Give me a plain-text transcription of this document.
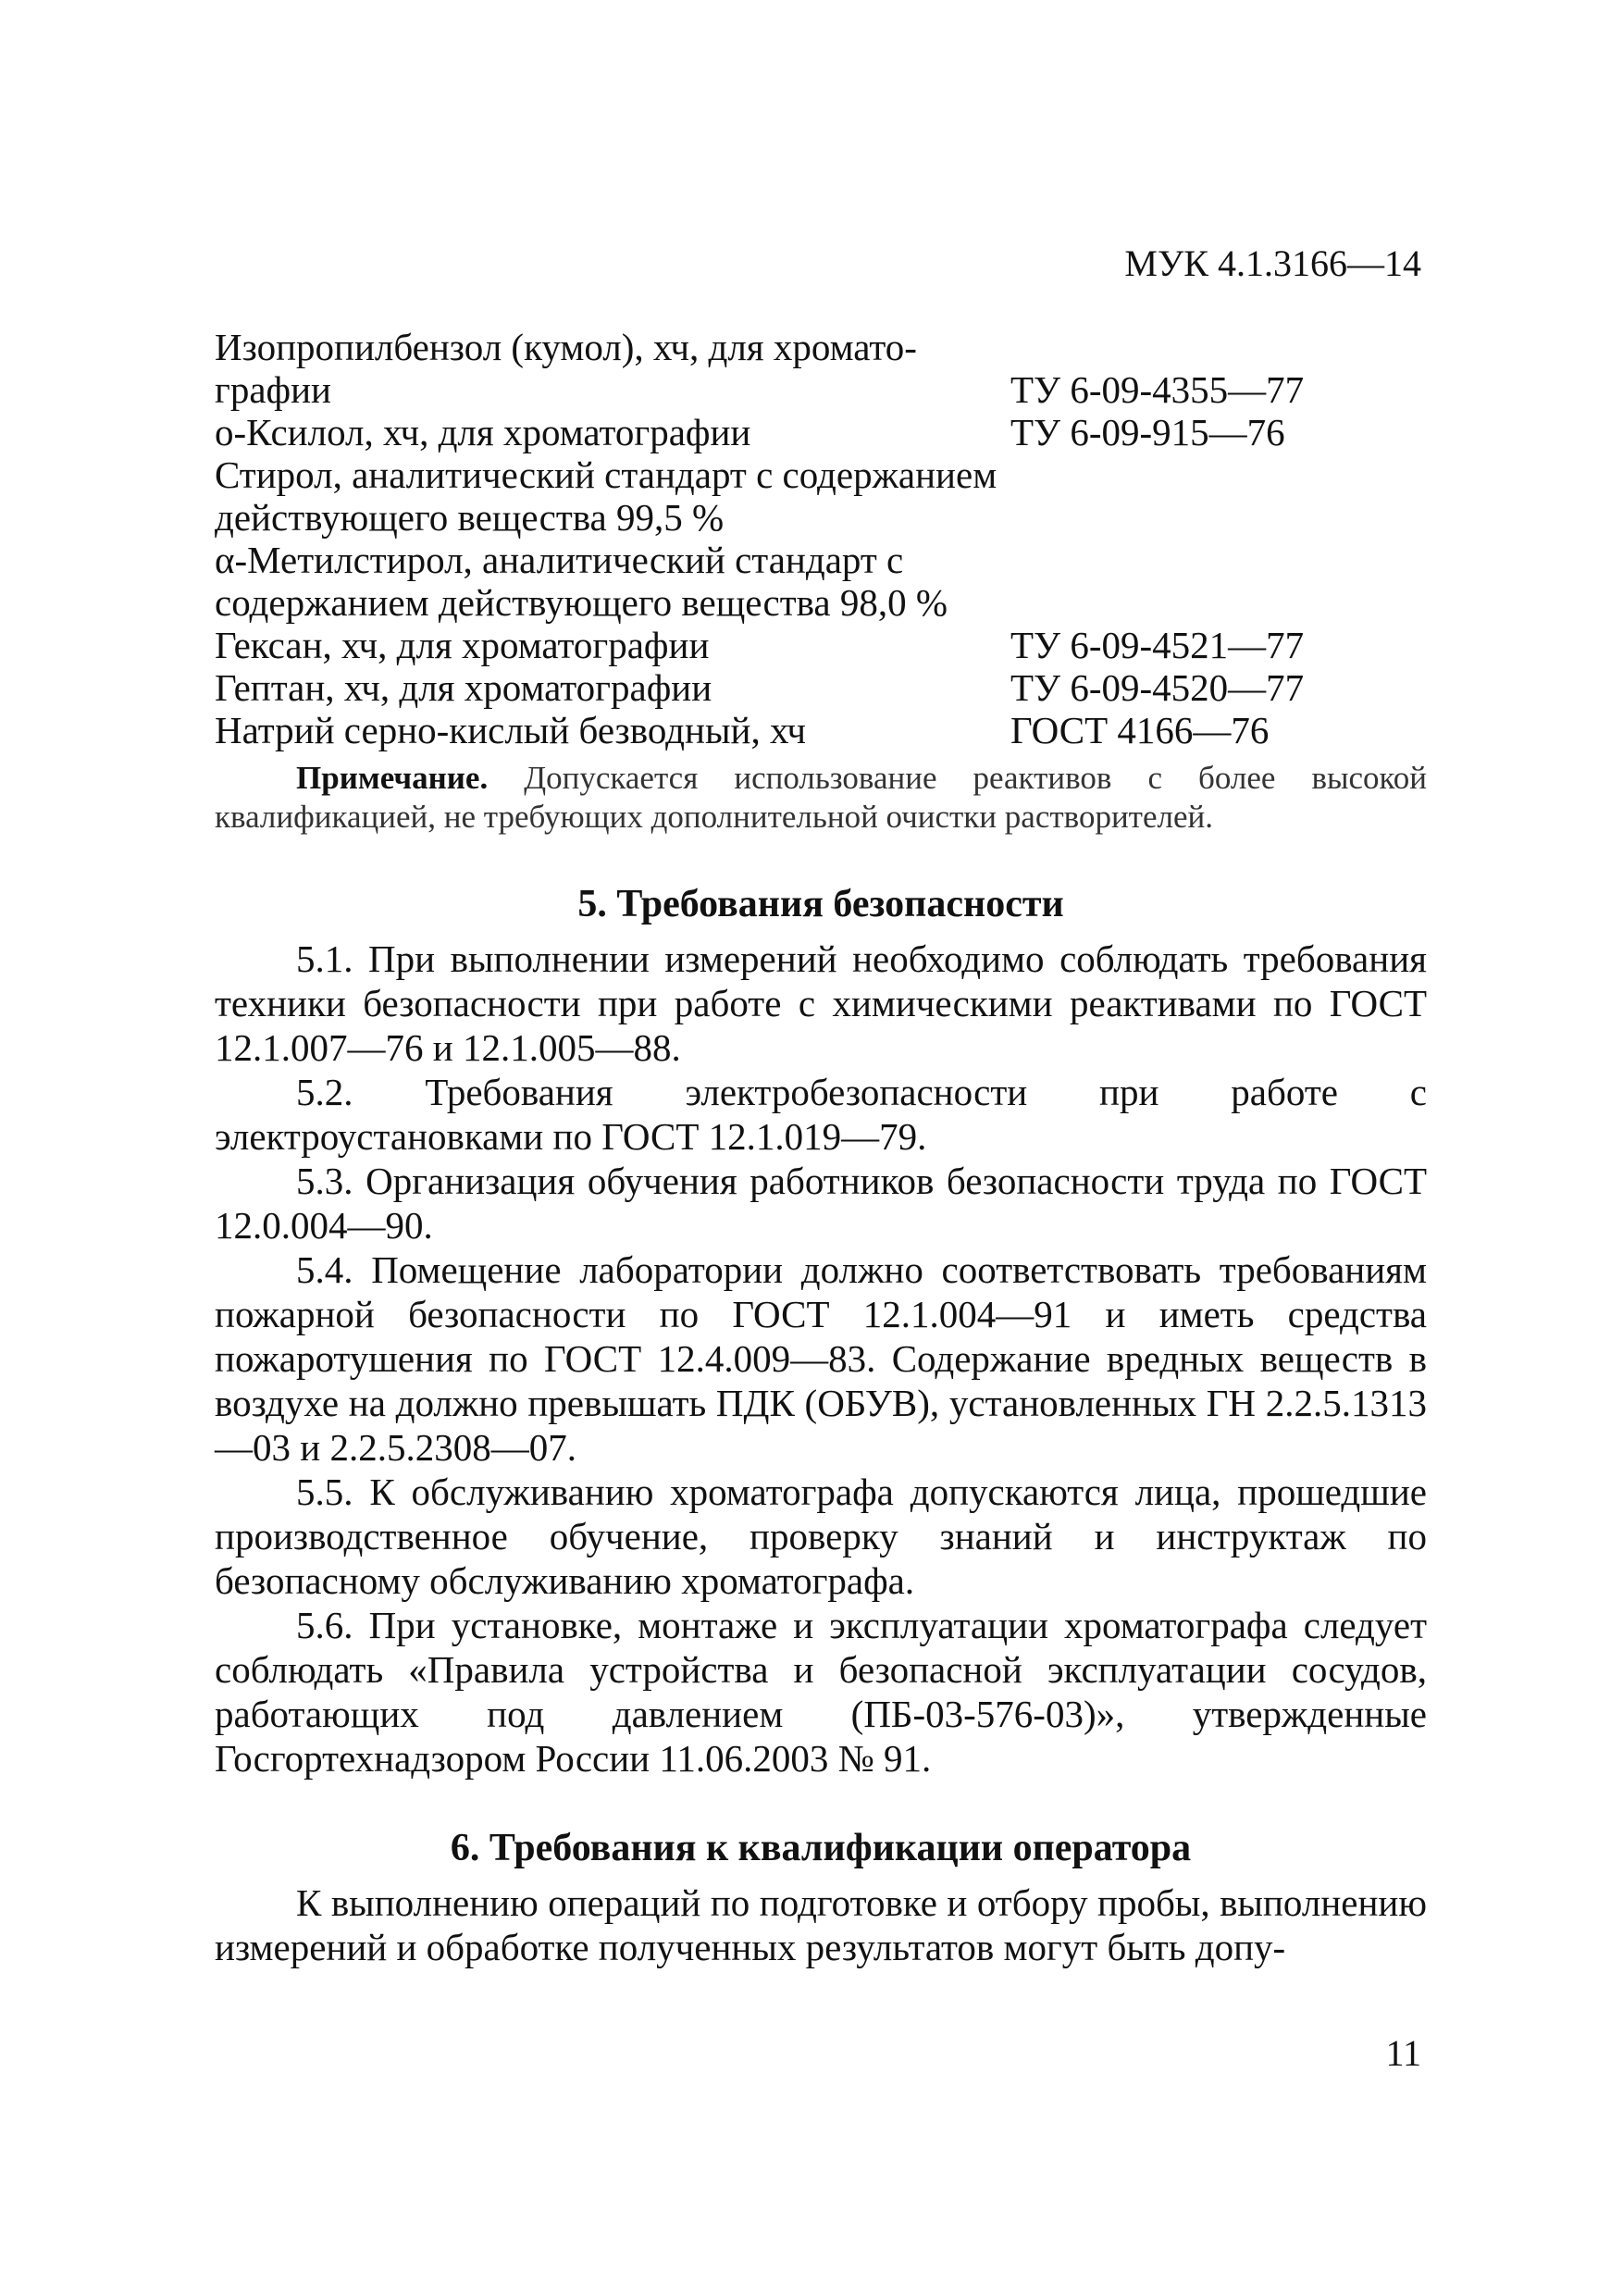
МУК 4.1.3166—14
Изопропилбензол (кумол), хч, для хромато-графии	ТУ 6-09-4355—77
о-Ксилол, хч, для хроматографии	ТУ 6-09-915—76
Стирол, аналитический стандарт с содержанием действующего вещества 99,5 %
α-Метилстирол, аналитический стандарт с содержанием действующего вещества 98,0 %
Гексан, хч, для хроматографии	ТУ 6-09-4521—77
Гептан, хч, для хроматографии	ТУ 6-09-4520—77
Натрий серно-кислый безводный, хч	ГОСТ 4166—76

Примечание. Допускается использование реактивов с более высокой квалификацией, не требующих дополнительной очистки растворителей.

5. Требования безопасности

5.1. При выполнении измерений необходимо соблюдать требования техники безопасности при работе с химическими реактивами по ГОСТ 12.1.007—76 и 12.1.005—88.

5.2. Требования электробезопасности при работе с электроустановками по ГОСТ 12.1.019—79.

5.3. Организация обучения работников безопасности труда по ГОСТ 12.0.004—90.

5.4. Помещение лаборатории должно соответствовать требованиям пожарной безопасности по ГОСТ 12.1.004—91 и иметь средства пожаротушения по ГОСТ 12.4.009—83. Содержание вредных веществ в воздухе на должно превышать ПДК (ОБУВ), установленных ГН 2.2.5.1313—03 и 2.2.5.2308—07.

5.5. К обслуживанию хроматографа допускаются лица, прошедшие производственное обучение, проверку знаний и инструктаж по безопасному обслуживанию хроматографа.

5.6. При установке, монтаже и эксплуатации хроматографа следует соблюдать «Правила устройства и безопасной эксплуатации сосудов, работающих под давлением (ПБ-03-576-03)», утвержденные Госгортехнадзором России 11.06.2003 № 91.

6. Требования к квалификации оператора

К выполнению операций по подготовке и отбору пробы, выполнению измерений и обработке полученных результатов могут быть допу-

11
